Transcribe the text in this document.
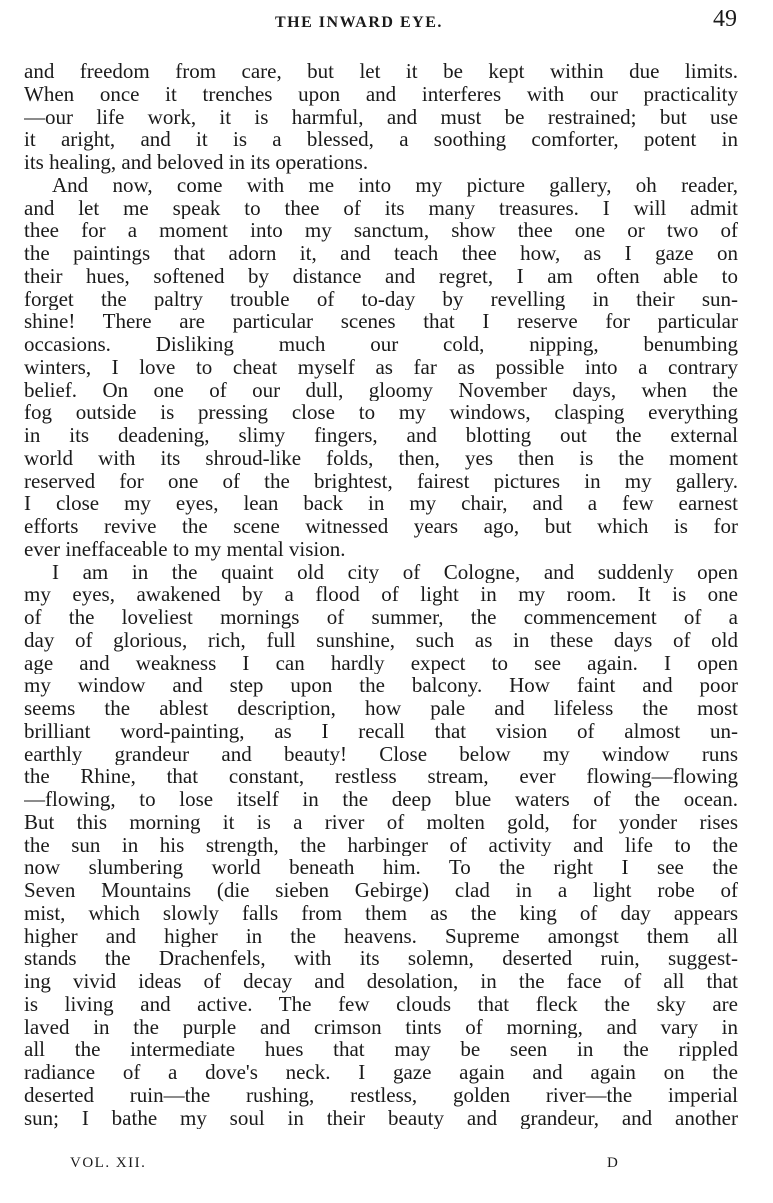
THE INWARD EYE.	49
and freedom from care, but let it be kept within due limits.
When once it trenches upon and interferes with our practicality
—our life work, it is harmful, and must be restrained; but use
it aright, and it is a blessed, a soothing comforter, potent in
its healing, and beloved in its operations.
And now, come with me into my picture gallery, oh reader,
and let me speak to thee of its many treasures. I will admit
thee for a moment into my sanctum, show thee one or two of
the paintings that adorn it, and teach thee how, as I gaze on
their hues, softened by distance and regret, I am often able to
forget the paltry trouble of to-day by revelling in their sun-
shine! There are particular scenes that I reserve for particular
occasions. Disliking much our cold, nipping, benumbing
winters, I love to cheat myself as far as possible into a contrary
belief. On one of our dull, gloomy November days, when the
fog outside is pressing close to my windows, clasping everything
in its deadening, slimy fingers, and blotting out the external
world with its shroud-like folds, then, yes then is the moment
reserved for one of the brightest, fairest pictures in my gallery.
I close my eyes, lean back in my chair, and a few earnest
efforts revive the scene witnessed years ago, but which is for
ever ineffaceable to my mental vision.
I am in the quaint old city of Cologne, and suddenly open
my eyes, awakened by a flood of light in my room. It is one
of the loveliest mornings of summer, the commencement of a
day of glorious, rich, full sunshine, such as in these days of old
age and weakness I can hardly expect to see again. I open
my window and step upon the balcony. How faint and poor
seems the ablest description, how pale and lifeless the most
brilliant word-painting, as I recall that vision of almost un-
earthly grandeur and beauty! Close below my window runs
the Rhine, that constant, restless stream, ever flowing—flowing
—flowing, to lose itself in the deep blue waters of the ocean.
But this morning it is a river of molten gold, for yonder rises
the sun in his strength, the harbinger of activity and life to the
now slumbering world beneath him. To the right I see the
Seven Mountains (die sieben Gebirge) clad in a light robe of
mist, which slowly falls from them as the king of day appears
higher and higher in the heavens. Supreme amongst them all
stands the Drachenfels, with its solemn, deserted ruin, suggest-
ing vivid ideas of decay and desolation, in the face of all that
is living and active. The few clouds that fleck the sky are
laved in the purple and crimson tints of morning, and vary in
all the intermediate hues that may be seen in the rippled
radiance of a dove's neck. I gaze again and again on the
deserted ruin—the rushing, restless, golden river—the imperial
sun; I bathe my soul in their beauty and grandeur, and another
VOL. XII.	D
